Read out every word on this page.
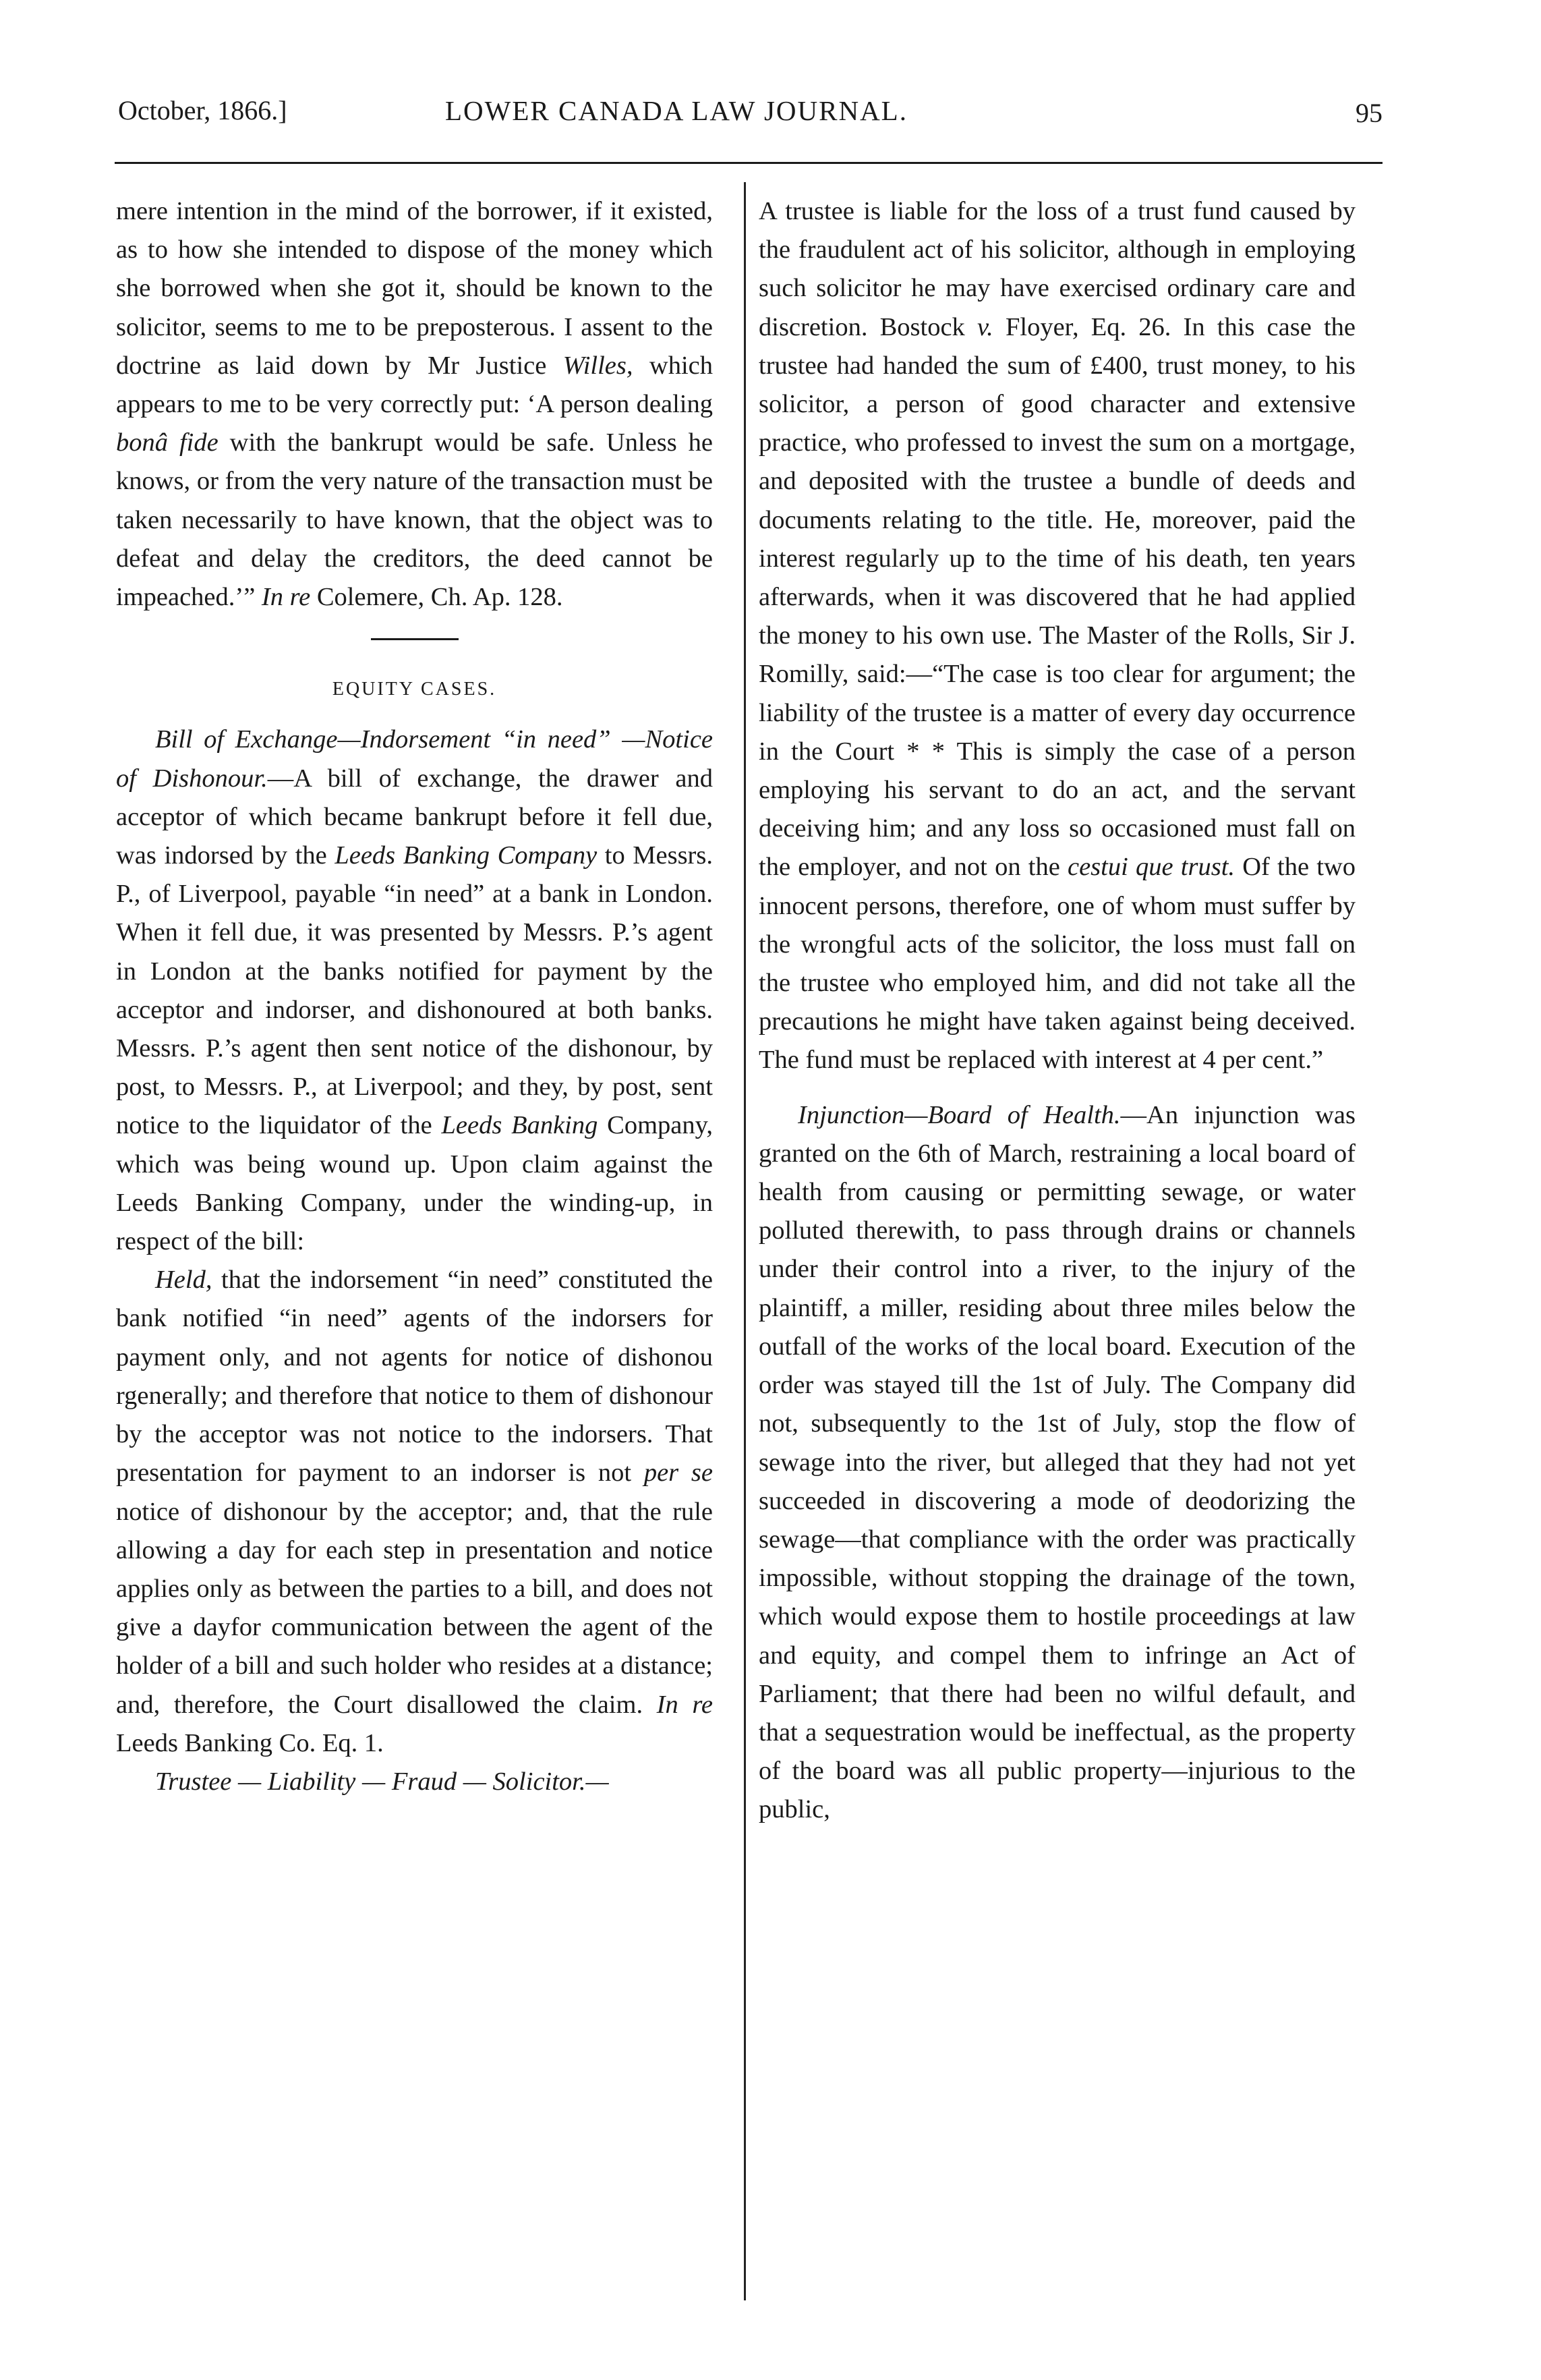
October, 1866.]	LOWER CANADA LAW JOURNAL.	95

mere intention in the mind of the borrower, if it existed, as to how she intended to dispose of the money which she borrowed when she got it, should be known to the solicitor, seems to me to be preposterous. I assent to the doctrine as laid down by Mr Justice Willes, which appears to me to be very correctly put: ‘A person dealing bonâ fide with the bankrupt would be safe. Unless he knows, or from the very nature of the transaction must be taken necessarily to have known, that the object was to defeat and delay the creditors, the deed cannot be impeached.’” In re Colemere, Ch. Ap. 128.

EQUITY CASES.

Bill of Exchange—Indorsement “in need” —Notice of Dishonour.—A bill of exchange, the drawer and acceptor of which became bankrupt before it fell due, was indorsed by the Leeds Banking Company to Messrs. P., of Liverpool, payable “in need” at a bank in London. When it fell due, it was presented by Messrs. P.’s agent in London at the banks notified for payment by the acceptor and indorser, and dishonoured at both banks. Messrs. P.’s agent then sent notice of the dishonour, by post, to Messrs. P., at Liverpool; and they, by post, sent notice to the liquidator of the Leeds Banking Company, which was being wound up. Upon claim against the Leeds Banking Company, under the winding-up, in respect of the bill:

Held, that the indorsement “in need” constituted the bank notified “in need” agents of the indorsers for payment only, and not agents for notice of dishonou rgenerally; and therefore that notice to them of dishonour by the acceptor was not notice to the indorsers. That presentation for payment to an indorser is not per se notice of dishonour by the acceptor; and, that the rule allowing a day for each step in presentation and notice applies only as between the parties to a bill, and does not give a dayfor communication between the agent of the holder of a bill and such holder who resides at a distance; and, therefore, the Court disallowed the claim. In re Leeds Banking Co. Eq. 1.

Trustee — Liability — Fraud — Solicitor.—

A trustee is liable for the loss of a trust fund caused by the fraudulent act of his solicitor, although in employing such solicitor he may have exercised ordinary care and discretion. Bostock v. Floyer, Eq. 26. In this case the trustee had handed the sum of £400, trust money, to his solicitor, a person of good character and extensive practice, who professed to invest the sum on a mortgage, and deposited with the trustee a bundle of deeds and documents relating to the title. He, moreover, paid the interest regularly up to the time of his death, ten years afterwards, when it was discovered that he had applied the money to his own use. The Master of the Rolls, Sir J. Romilly, said:—“The case is too clear for argument; the liability of the trustee is a matter of every day occurrence in the Court * * This is simply the case of a person employing his servant to do an act, and the servant deceiving him; and any loss so occasioned must fall on the employer, and not on the cestui que trust. Of the two innocent persons, therefore, one of whom must suffer by the wrongful acts of the solicitor, the loss must fall on the trustee who employed him, and did not take all the precautions he might have taken against being deceived. The fund must be replaced with interest at 4 per cent.”

Injunction—Board of Health.—An injunction was granted on the 6th of March, restraining a local board of health from causing or permitting sewage, or water polluted therewith, to pass through drains or channels under their control into a river, to the injury of the plaintiff, a miller, residing about three miles below the outfall of the works of the local board. Execution of the order was stayed till the 1st of July. The Company did not, subsequently to the 1st of July, stop the flow of sewage into the river, but alleged that they had not yet succeeded in discovering a mode of deodorizing the sewage—that compliance with the order was practically impossible, without stopping the drainage of the town, which would expose them to hostile proceedings at law and equity, and compel them to infringe an Act of Parliament; that there had been no wilful default, and that a sequestration would be ineffectual, as the property of the board was all public property—injurious to the public,
